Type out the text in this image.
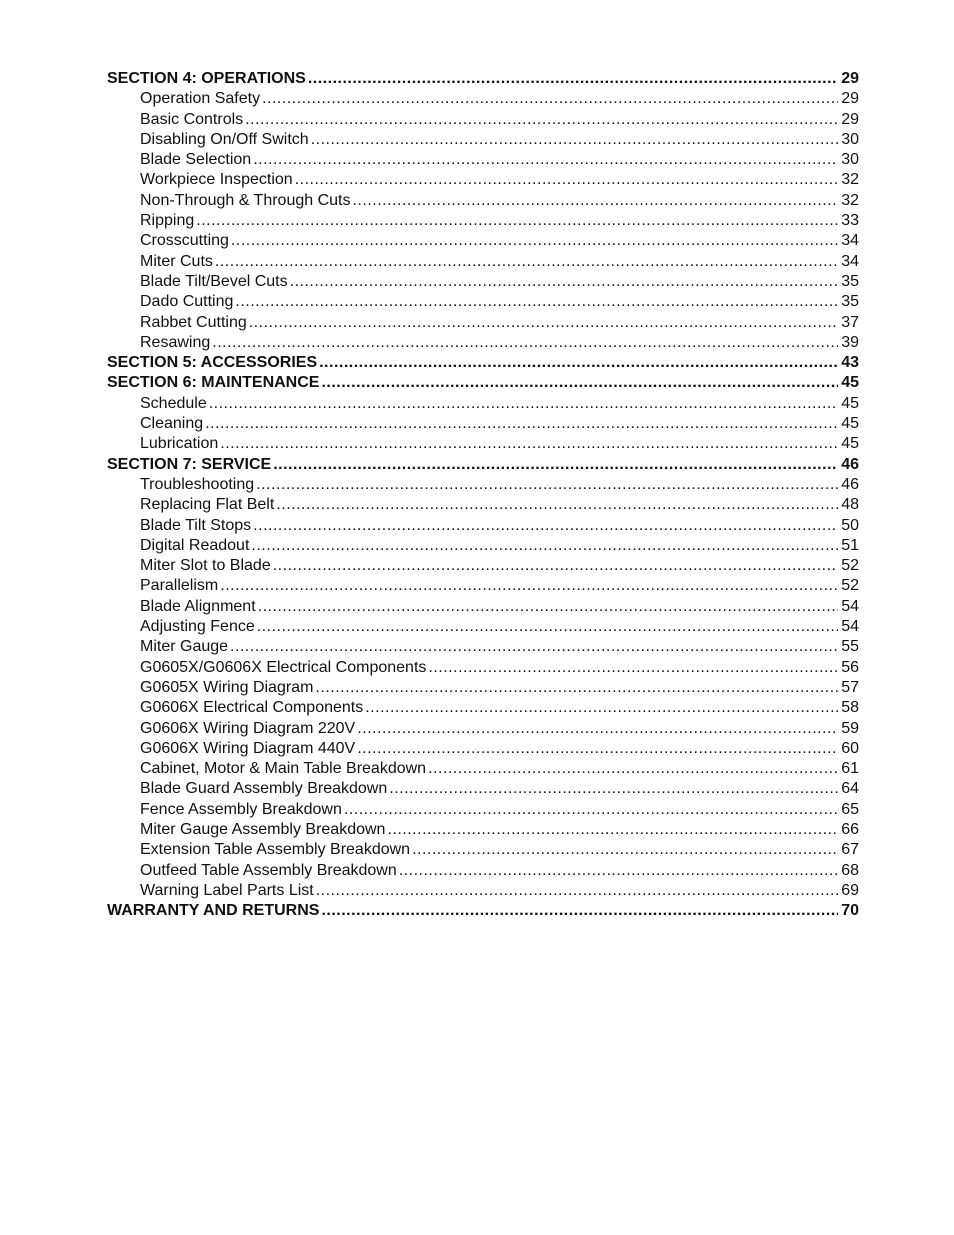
SECTION 4: OPERATIONS .....	29
Operation Safety .....	29
Basic Controls .....	29
Disabling On/Off Switch .....	30
Blade Selection .....	30
Workpiece Inspection .....	32
Non-Through & Through Cuts .....	32
Ripping .....	33
Crosscutting .....	34
Miter Cuts .....	34
Blade Tilt/Bevel Cuts .....	35
Dado Cutting .....	35
Rabbet Cutting .....	37
Resawing .....	39
SECTION 5: ACCESSORIES .....	43
SECTION 6: MAINTENANCE .....	45
Schedule .....	45
Cleaning .....	45
Lubrication .....	45
SECTION 7: SERVICE .....	46
Troubleshooting .....	46
Replacing Flat Belt .....	48
Blade Tilt Stops .....	50
Digital Readout .....	51
Miter Slot to Blade .....	52
Parallelism .....	52
Blade Alignment .....	54
Adjusting Fence .....	54
Miter Gauge .....	55
G0605X/G0606X Electrical Components .....	56
G0605X Wiring Diagram .....	57
G0606X Electrical Components .....	58
G0606X Wiring Diagram 220V .....	59
G0606X Wiring Diagram 440V .....	60
Cabinet, Motor & Main Table Breakdown .....	61
Blade Guard Assembly Breakdown .....	64
Fence Assembly Breakdown .....	65
Miter Gauge Assembly Breakdown .....	66
Extension Table Assembly Breakdown .....	67
Outfeed Table Assembly Breakdown .....	68
Warning Label Parts List .....	69
WARRANTY AND RETURNS .....	70
